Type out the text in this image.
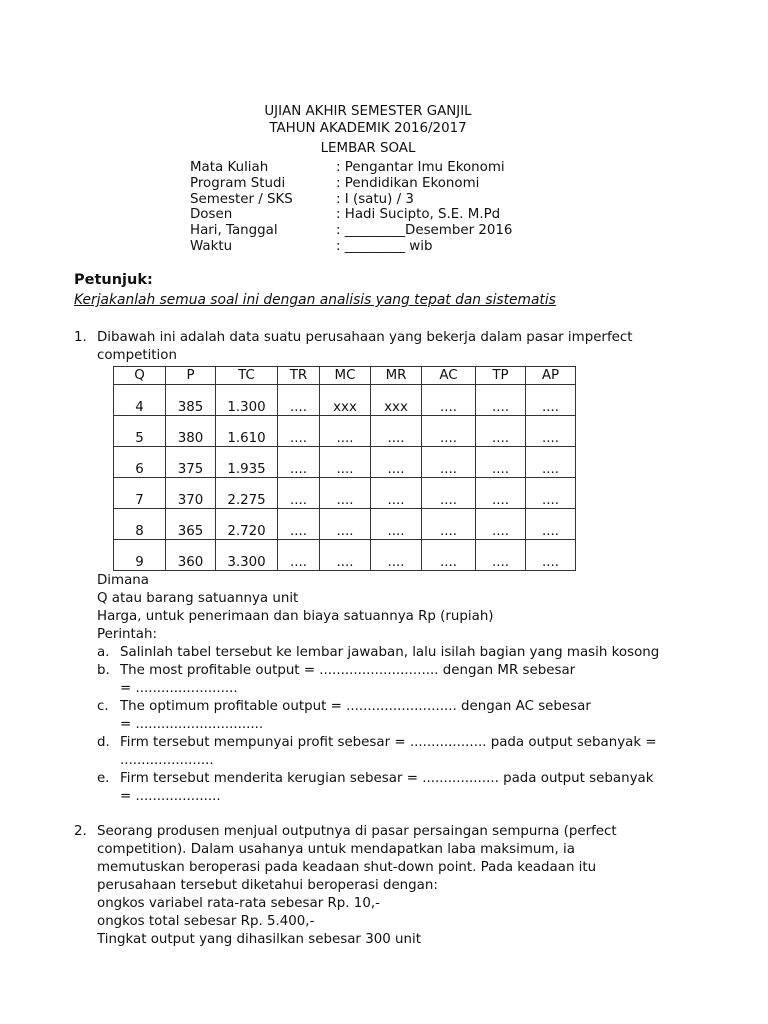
UJIAN AKHIR SEMESTER GANJIL
TAHUN AKADEMIK 2016/2017
LEMBAR SOAL
Mata Kuliah	: Pengantar Imu Ekonomi
Program Studi	: Pendidikan Ekonomi
Semester / SKS	: I (satu) / 3
Dosen	: Hadi Sucipto, S.E. M.Pd
Hari, Tanggal	: _________Desember 2016
Waktu	: _________ wib
Petunjuk:
Kerjakanlah semua soal ini dengan analisis yang tepat dan sistematis
1. Dibawah ini adalah data suatu perusahaan yang bekerja dalam pasar imperfect
competition
Q	P	TC	TR	MC	MR	AC	TP	AP
4	385	1.300	....	xxx	xxx	....	....	....
5	380	1.610	....	....	....	....	....	....
6	375	1.935	....	....	....	....	....	....
7	370	2.275	....	....	....	....	....	....
8	365	2.720	....	....	....	....	....	....
9	360	3.300	....	....	....	....	....	....
Dimana
Q atau barang satuannya unit
Harga, untuk penerimaan dan biaya satuannya Rp (rupiah)
Perintah:
a. Salinlah tabel tersebut ke lembar jawaban, lalu isilah bagian yang masih kosong
b. The most profitable output = ............................ dengan MR sebesar
= ........................
c. The optimum profitable output = .......................... dengan AC sebesar
= ..............................
d. Firm tersebut mempunyai profit sebesar = .................. pada output sebanyak =
......................
e. Firm tersebut menderita kerugian sebesar = .................. pada output sebanyak
= ....................
2. Seorang produsen menjual outputnya di pasar persaingan sempurna (perfect
competition). Dalam usahanya untuk mendapatkan laba maksimum, ia
memutuskan beroperasi pada keadaan shut-down point. Pada keadaan itu
perusahaan tersebut diketahui beroperasi dengan:
ongkos variabel rata-rata sebesar Rp. 10,-
ongkos total sebesar Rp. 5.400,-
Tingkat output yang dihasilkan sebesar 300 unit
